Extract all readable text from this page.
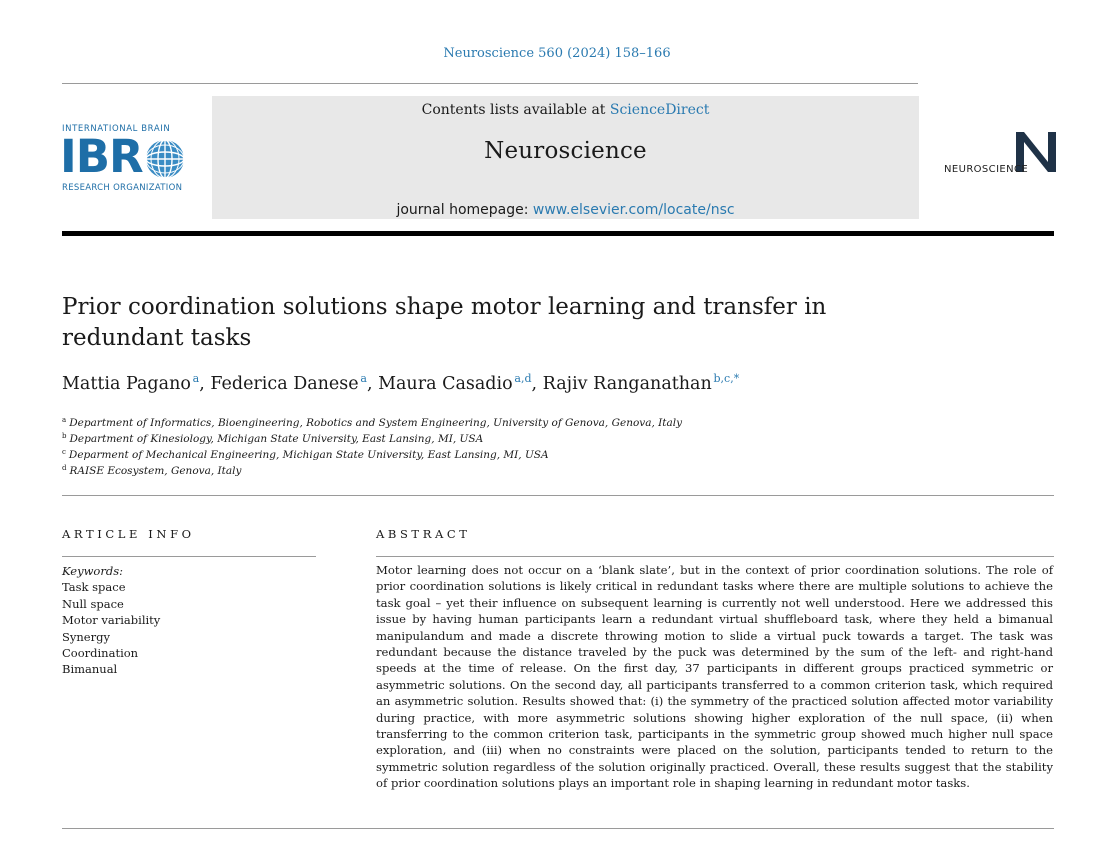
Neuroscience 560 (2024) 158–166
INTERNATIONAL BRAIN
IBR
RESEARCH ORGANIZATION
Contents lists available at ScienceDirect
Neuroscience
journal homepage: www.elsevier.com/locate/nsc
NEUROSCIENCE
Prior coordination solutions shape motor learning and transfer in redundant tasks
Mattia Pagano  $^a$, Federica Danese  $^a$, Maura Casadio  $^{a,d}$, Rajiv Ranganathan  $^{b,c,*}$
$^a$ Department of Informatics, Bioengineering, Robotics and System Engineering, University of Genova, Genova, Italy
$^b$ Department of Kinesiology, Michigan State University, East Lansing, MI, USA
$^c$ Deparment of Mechanical Engineering, Michigan State University, East Lansing, MI, USA
$^d$ RAISE Ecosystem, Genova, Italy
ARTICLE INFO	ABSTRACT
Keywords:
Task space
Null space
Motor variability
Synergy
Coordination
Bimanual
Motor learning does not occur on a ‘blank slate’, but in the context of prior coordination solutions. The role of prior coordination solutions is likely critical in redundant tasks where there are multiple solutions to achieve the task goal – yet their influence on subsequent learning is currently not well understood. Here we addressed this issue by having human participants learn a redundant virtual shuffleboard task, where they held a bimanual manipulandum and made a discrete throwing motion to slide a virtual puck towards a target. The task was redundant because the distance traveled by the puck was determined by the sum of the left- and right-hand speeds at the time of release. On the first day, 37 participants in different groups practiced symmetric or asymmetric solutions. On the second day, all participants transferred to a common criterion task, which required an asymmetric solution. Results showed that: (i) the symmetry of the practiced solution affected motor variability during practice, with more asymmetric solutions showing higher exploration of the null space, (ii) when transferring to the common criterion task, participants in the symmetric group showed much higher null space exploration, and (iii) when no constraints were placed on the solution, participants tended to return to the symmetric solution regardless of the solution originally practiced. Overall, these results suggest that the stability of prior coordination solutions plays an important role in shaping learning in redundant motor tasks.
